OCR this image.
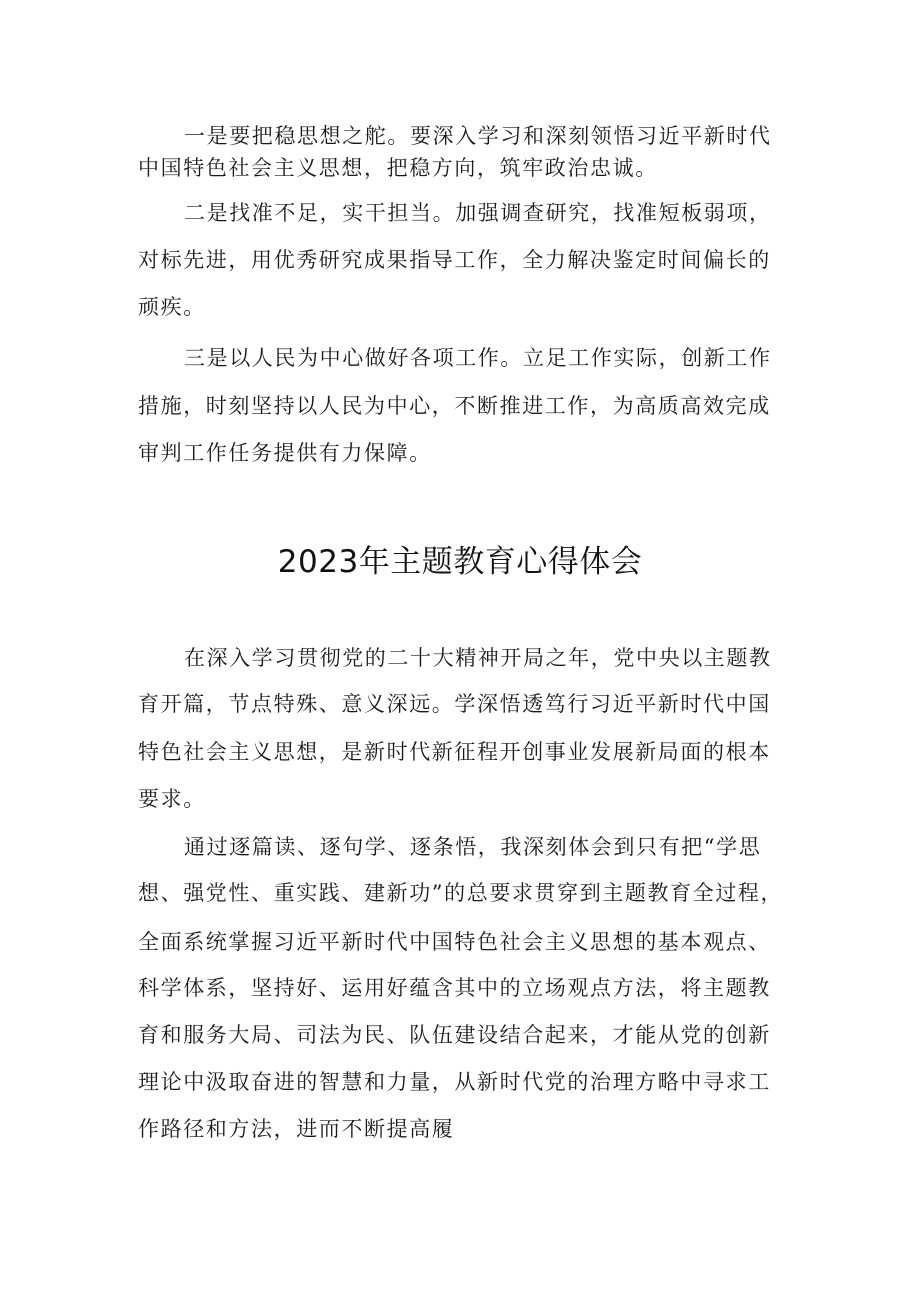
一是要把稳思想之舵。要深入学习和深刻领悟习近平新时代
中国特色社会主义思想，把稳方向，筑牢政治忠诚。
二是找准不足，实干担当。加强调查研究，找准短板弱项，
对标先进，用优秀研究成果指导工作，全力解决鉴定时间偏长的
顽疾。
三是以人民为中心做好各项工作。立足工作实际，创新工作
措施，时刻坚持以人民为中心，不断推进工作，为高质高效完成
审判工作任务提供有力保障。
2023年主题教育心得体会
在深入学习贯彻党的二十大精神开局之年，党中央以主题教
育开篇，节点特殊、意义深远。学深悟透笃行习近平新时代中国
特色社会主义思想，是新时代新征程开创事业发展新局面的根本
要求。
通过逐篇读、逐句学、逐条悟，我深刻体会到只有把“学思
想、强党性、重实践、建新功”的总要求贯穿到主题教育全过程，
全面系统掌握习近平新时代中国特色社会主义思想的基本观点、
科学体系，坚持好、运用好蕴含其中的立场观点方法，将主题教
育和服务大局、司法为民、队伍建设结合起来，才能从党的创新
理论中汲取奋进的智慧和力量，从新时代党的治理方略中寻求工
作路径和方法，进而不断提高履
